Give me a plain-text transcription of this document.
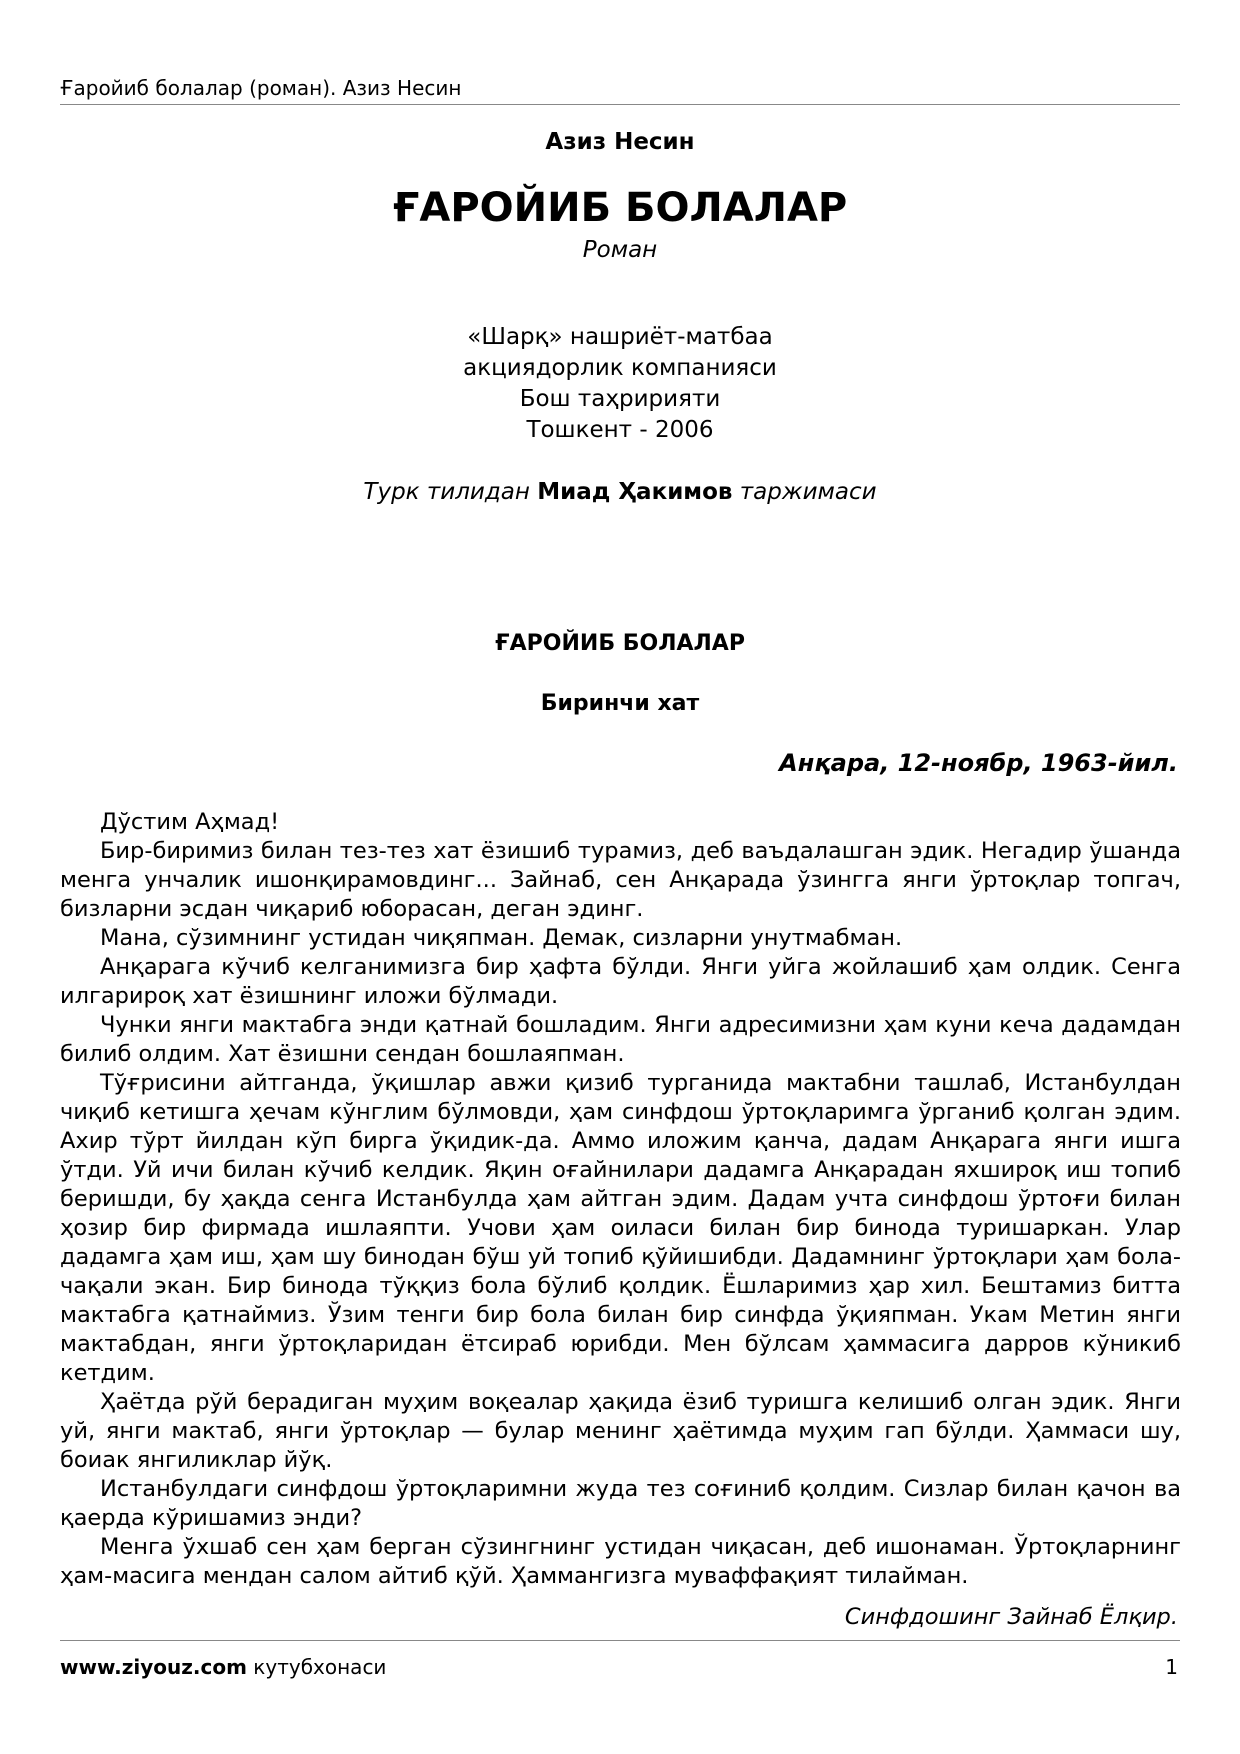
Ғаройиб болалар (роман). Азиз Несин
Азиз Несин
ҒАРОЙИБ БОЛАЛАР
Роман
«Шарқ» нашриёт-матбаа
акциядорлик компанияси
Бош таҳририяти
Тошкент - 2006
Турк тилидан Миад Ҳакимов таржимаси
ҒАРОЙИБ БОЛАЛАР
Биринчи хат
Анқара, 12-ноябр, 1963-йил.

Дўстим Аҳмад!

Бир-биримиз билан тез-тез хат ёзишиб турамиз, деб ваъдалашган эдик. Негадир ўшанда менга унчалик ишонқирамовдинг... Зайнаб, сен Анқарада ўзингга янги ўртоқлар топгач, бизларни эсдан чиқариб юборасан, деган эдинг.

Мана, сўзимнинг устидан чиқяпман. Демак, сизларни унутмабман.

Анқарага кўчиб келганимизга бир ҳафта бўлди. Янги уйга жойлашиб ҳам олдик. Сенга илгарироқ хат ёзишнинг иложи бўлмади.

Чунки янги мактабга энди қатнай бошладим. Янги адресимизни ҳам куни кеча дадамдан билиб олдим. Хат ёзишни сендан бошлаяпман.

Тўғрисини айтганда, ўқишлар авжи қизиб турганида мактабни ташлаб, Истанбулдан чиқиб кетишга ҳечам кўнглим бўлмовди, ҳам синфдош ўртоқларимга ўрганиб қолган эдим. Ахир тўрт йилдан кўп бирга ўқидик-да. Аммо иложим қанча, дадам Анқарага янги ишга ўтди. Уй ичи билан кўчиб келдик. Яқин оғайнилари дадамга Анқарадан яхшироқ иш топиб беришди, бу ҳақда сенга Истанбулда ҳам айтган эдим. Дадам учта синфдош ўртоғи билан ҳозир бир фирмада ишлаяпти. Учови ҳам оиласи билан бир бинода туришаркан. Улар дадамга ҳам иш, ҳам шу бинодан бўш уй топиб қўйишибди. Дадамнинг ўртоқлари ҳам бола-чақали экан. Бир бинода тўққиз бола бўлиб қолдик. Ёшларимиз ҳар хил. Бештамиз битта мактабга қатнаймиз. Ўзим тенги бир бола билан бир синфда ўқияпман. Укам Метин янги мактабдан, янги ўртоқларидан ётсираб юрибди. Мен бўлсам ҳаммасига дарров кўникиб кетдим.

Ҳаётда рўй берадиган муҳим воқеалар ҳақида ёзиб туришга келишиб олган эдик. Янги уй, янги мактаб, янги ўртоқлар — булар менинг ҳаётимда муҳим гап бўлди. Ҳаммаси шу, боиак янгиликлар йўқ.

Истанбулдаги синфдош ўртоқларимни жуда тез соғиниб қолдим. Сизлар билан қачон ва қаерда кўришамиз энди?

Менга ўхшаб сен ҳам берган сўзингнинг устидан чиқасан, деб ишонаман. Ўртоқларнинг ҳам-масига мендан салом айтиб қўй. Ҳаммангизга муваффақият тилайман.

Синфдошинг Зайнаб Ёлқир.
www.ziyouz.com кутубхонаси	1
